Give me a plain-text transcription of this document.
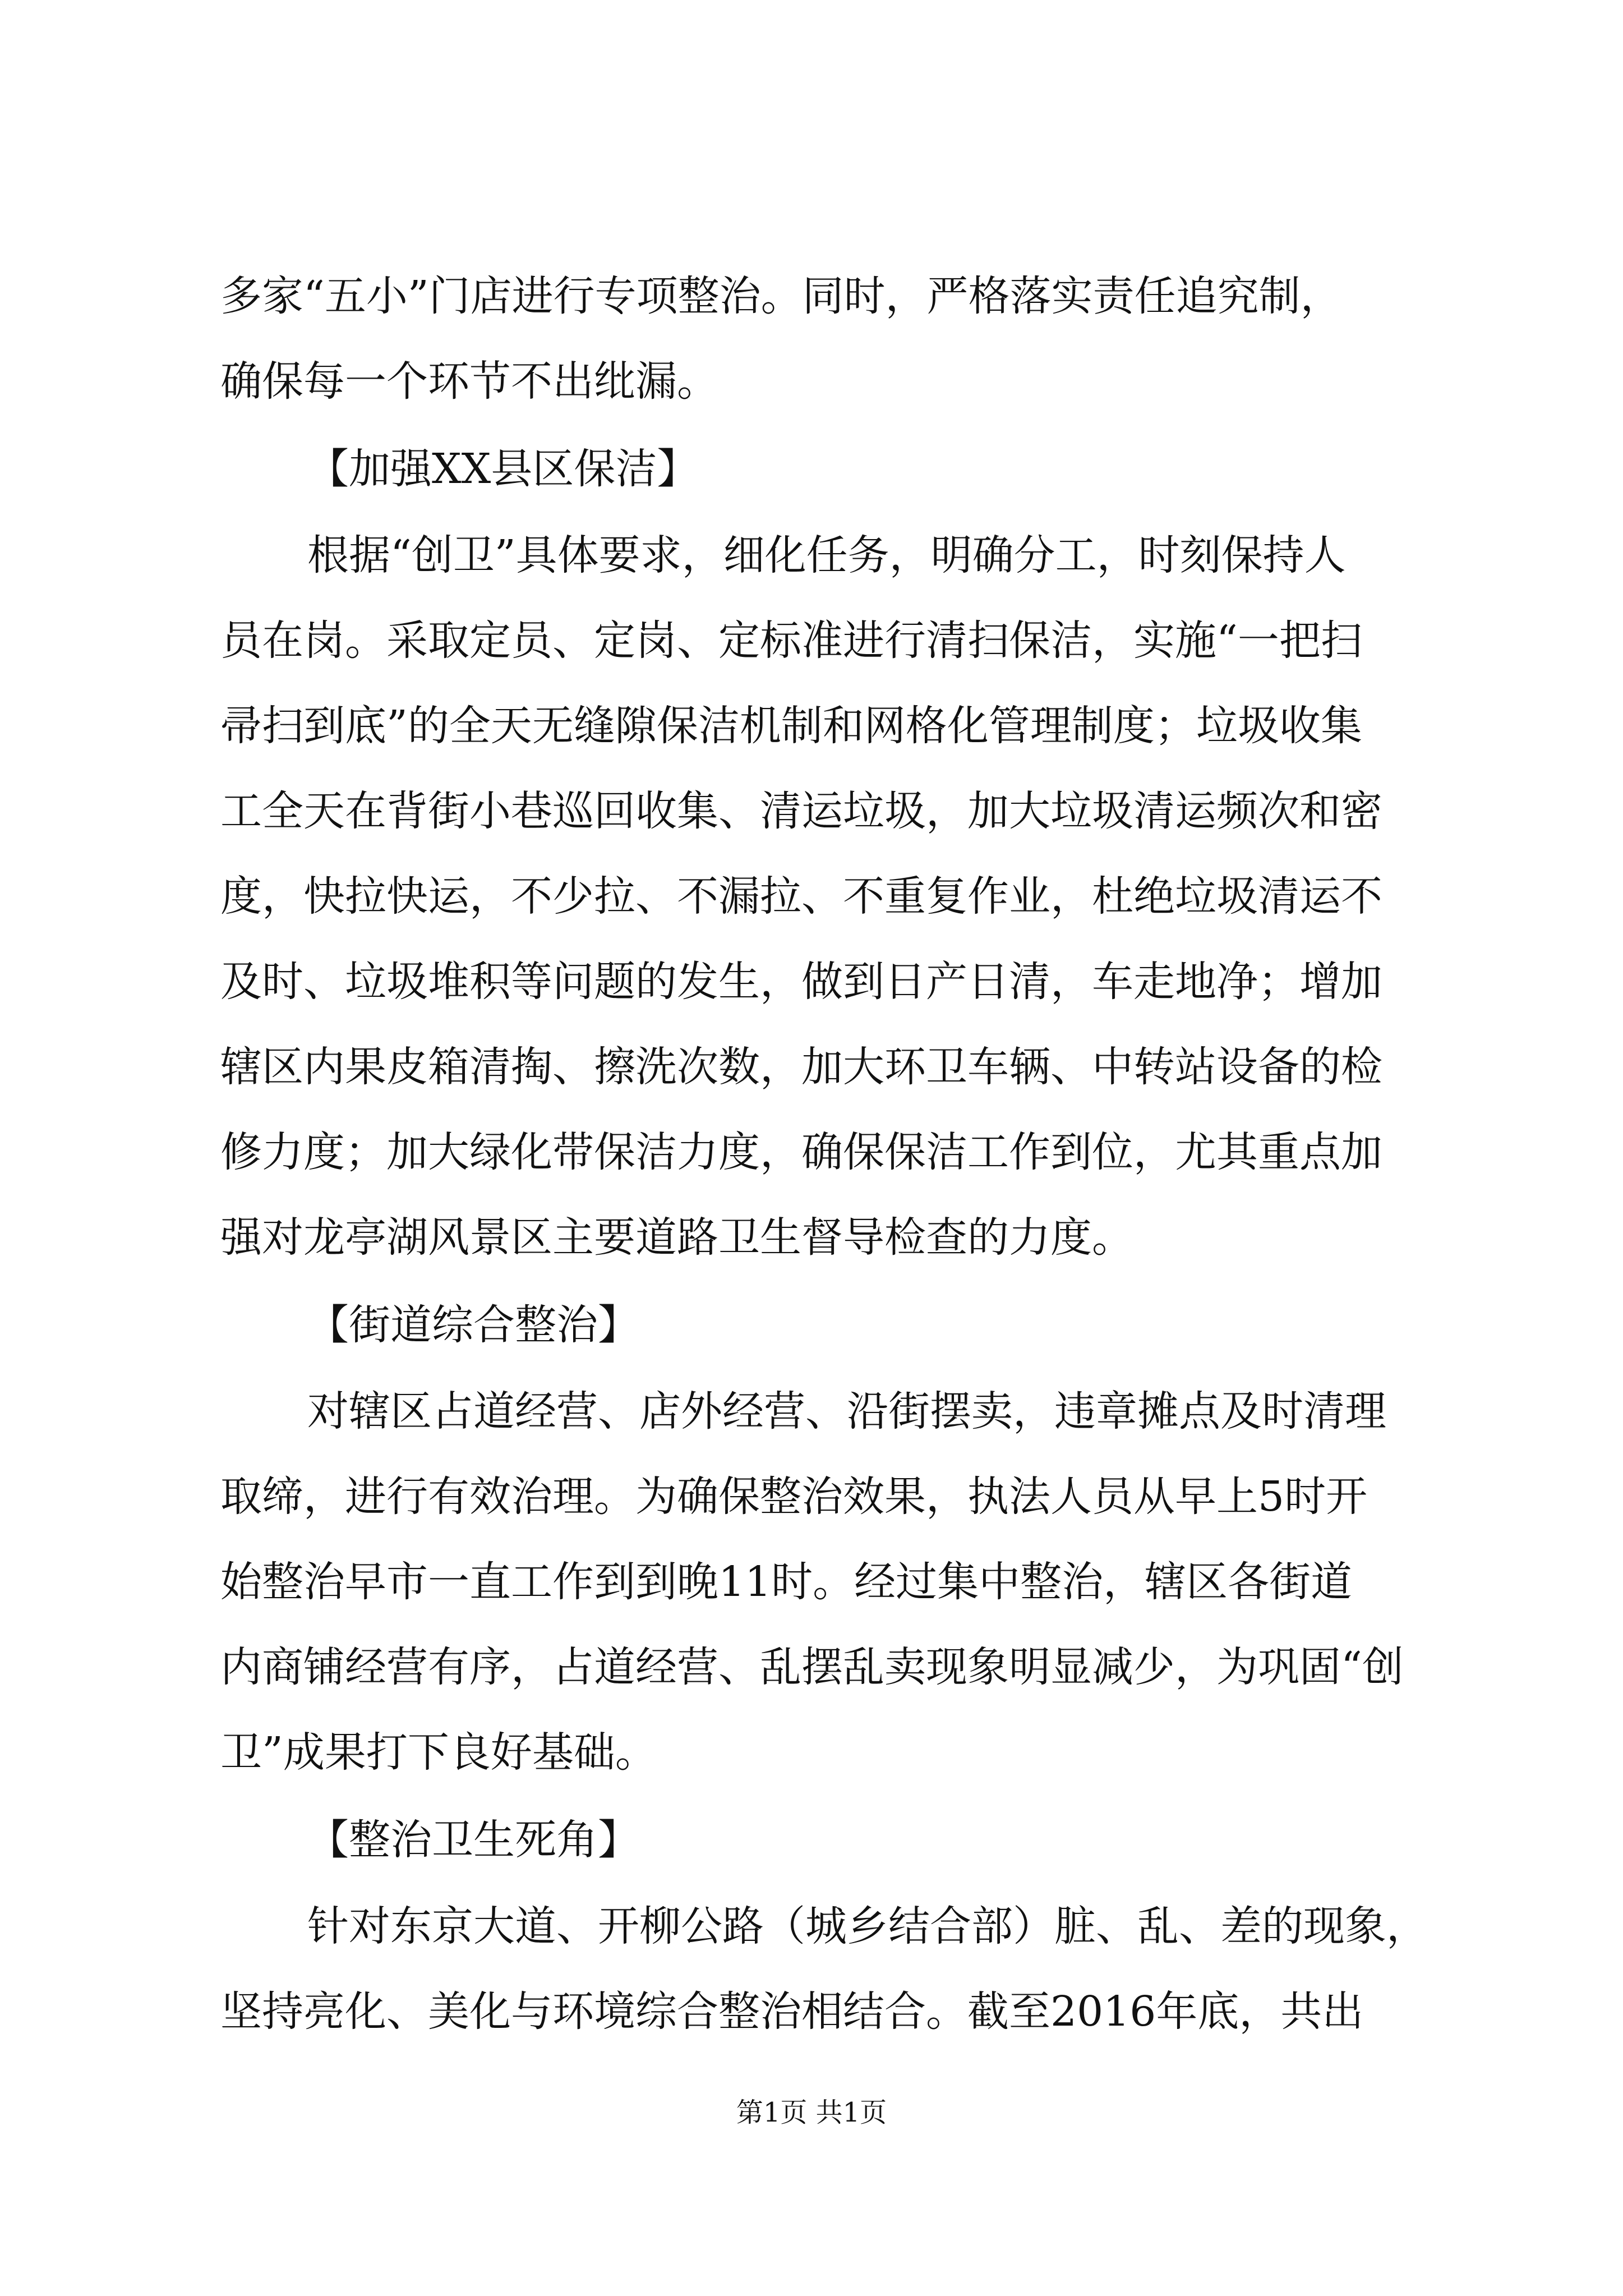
多家“五小”门店进行专项整治。同时，严格落实责任追究制，
确保每一个环节不出纰漏。
【加强XX县区保洁】
根据“创卫”具体要求，细化任务，明确分工，时刻保持人
员在岗。采取定员、定岗、定标准进行清扫保洁，实施“一把扫
帚扫到底”的全天无缝隙保洁机制和网格化管理制度；垃圾收集
工全天在背街小巷巡回收集、清运垃圾，加大垃圾清运频次和密
度，快拉快运，不少拉、不漏拉、不重复作业，杜绝垃圾清运不
及时、垃圾堆积等问题的发生，做到日产日清，车走地净；增加
辖区内果皮箱清掏、擦洗次数，加大环卫车辆、中转站设备的检
修力度；加大绿化带保洁力度，确保保洁工作到位，尤其重点加
强对龙亭湖风景区主要道路卫生督导检查的力度。
【街道综合整治】
对辖区占道经营、店外经营、沿街摆卖，违章摊点及时清理
取缔，进行有效治理。为确保整治效果，执法人员从早上5时开
始整治早市一直工作到到晚11时。经过集中整治，辖区各街道
内商铺经营有序，占道经营、乱摆乱卖现象明显减少，为巩固“创
卫”成果打下良好基础。
【整治卫生死角】
针对东京大道、开柳公路（城乡结合部）脏、乱、差的现象，
坚持亮化、美化与环境综合整治相结合。截至2016年底，共出
第1页 共1页
